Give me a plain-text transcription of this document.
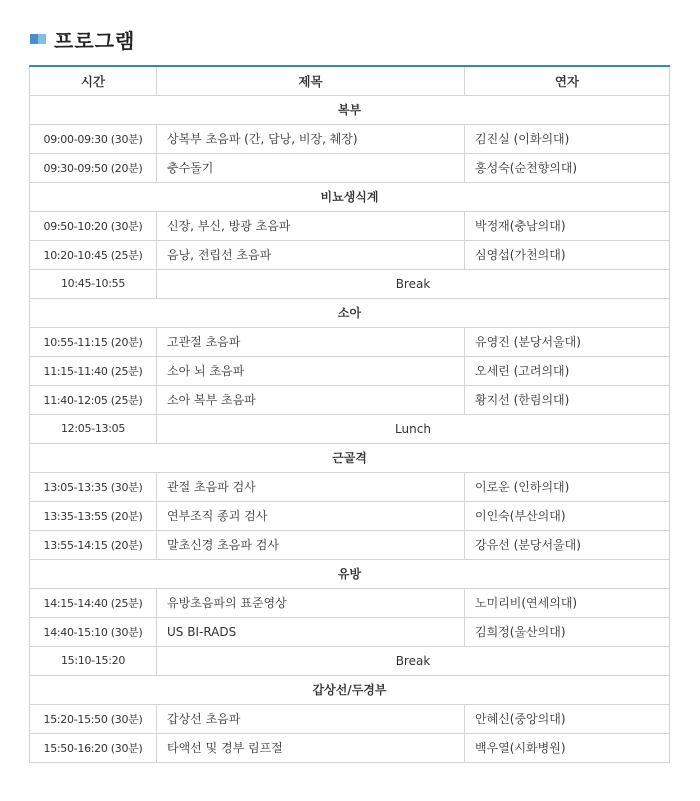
프로그램
시간	제목	연자
복부		
09:00-09:30 (30분)	상복부 초음파 (간, 담낭, 비장, 췌장)	김진실 (이화의대)
09:30-09:50 (20분)	충수돌기	홍성숙(순천향의대)
비뇨생식계		
09:50-10:20 (30분)	신장, 부신, 방광 초음파	박정재(충남의대)
10:20-10:45 (25분)	음낭, 전립선 초음파	심영섭(가천의대)
10:45-10:55	Break	
소아		
10:55-11:15 (20분)	고관절 초음파	유영진 (분당서울대)
11:15-11:40 (25분)	소아 뇌 초음파	오세린 (고려의대)
11:40-12:05 (25분)	소아 복부 초음파	황지선 (한림의대)
12:05-13:05	Lunch	
근골격		
13:05-13:35 (30분)	관절 초음파 검사	이로운 (인하의대)
13:35-13:55 (20분)	연부조직 종괴 검사	이인숙(부산의대)
13:55-14:15 (20분)	말초신경 초음파 검사	강유선 (분당서울대)
유방		
14:15-14:40 (25분)	유방초음파의 표준영상	노미리비(연세의대)
14:40-15:10 (30분)	US BI-RADS	김희정(울산의대)
15:10-15:20	Break	
갑상선/두경부		
15:20-15:50 (30분)	갑상선 초음파	안혜신(중앙의대)
15:50-16:20 (30분)	타액선 및 경부 림프절	백우열(시화병원)
